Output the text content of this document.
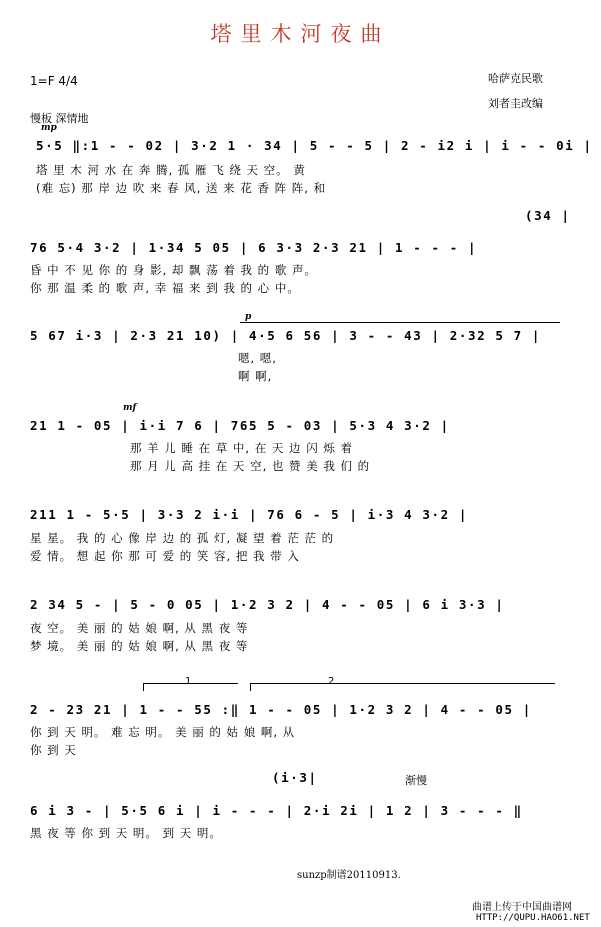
塔里木河夜曲
1=F 4/4	哈萨克民歌
刘者圭改编
慢板 深情地
mp
5·5 ‖:1 - - 02 | 3·2 1 · 34 | 5 - - 5 | 2 - i2 i | i - - 0i |
塔 里 木 河 水 在 奔 腾, 孤 雁 飞 绕 天 空。 黄
(难 忘) 那 岸 边 吹 来 春 风, 送 来 花 香 阵 阵, 和
(34 |
76 5·4 3·2 | 1·34 5 05 | 6 3·3 2·3 21 | 1 - - - |
昏 中 不 见 你 的 身 影, 却 飘 荡 着 我 的 歌 声。
你 那 温 柔 的 歌 声, 幸 福 来 到 我 的 心 中。
p
5 67 i·3 | 2·3 21 10) | 4·5 6 56 | 3 - - 43 | 2·32 5 7 |
嗯, 嗯,
啊 啊,
mf
21 1 - 05 | i·i 7 6 | 765 5 - 03 | 5·3 4 3·2 |
那 羊 儿 睡 在 草 中, 在 天 边 闪 烁 着
那 月 儿 高 挂 在 天 空, 也 赞 美 我 们 的
211 1 - 5·5 | 3·3 2 i·i | 76 6 - 5 | i·3 4 3·2 |
星 星。 我 的 心 像 岸 边 的 孤 灯, 凝 望 着 茫 茫 的
爱 情。 想 起 你 那 可 爱 的 笑 容, 把 我 带 入
2 34 5 - | 5 - 0 05 | 1·2 3 2 | 4 - - 05 | 6 i 3·3 |
夜 空。 美 丽 的 姑 娘 啊, 从 黑 夜 等
梦 境。 美 丽 的 姑 娘 啊, 从 黑 夜 等
1	2
2 - 23 21 | 1 - - 55 :‖ 1 - - 05 | 1·2 3 2 | 4 - - 05 |
你 到 天 明。 难 忘 明。 美 丽 的 姑 娘 啊, 从
你 到 天
(i·3|	渐慢
6 i 3 - | 5·5 6 i | i - - - | 2·i 2i | 1 2 | 3 - - - ‖
黑 夜 等 你 到 天 明。 到 天 明。
sunzp制谱20110913.
曲谱上传于中国曲谱网
HTTP://QUPU.HAO61.NET
